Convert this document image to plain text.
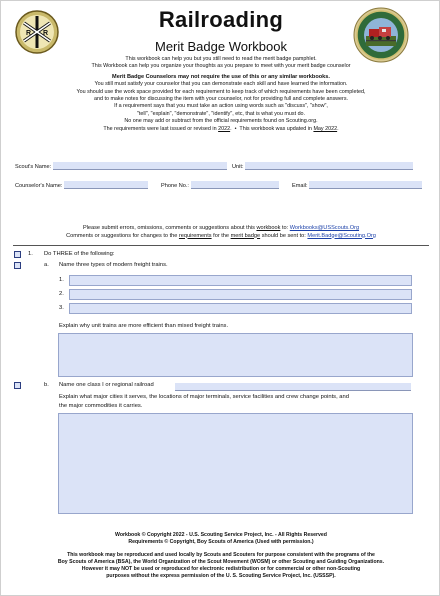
R R
Railroading
Merit Badge Workbook
This workbook can help you but you still need to read the merit badge pamphlet.
This Workbook can help you organize your thoughts as you prepare to meet with your merit badge counselor
Merit Badge Counselors may not require the use of this or any similar workbooks.
You still must satisfy your counselor that you can demonstrate each skill and have learned the information.
You should use the work space provided for each requirement to keep track of which requirements have been completed,
and to make notes for discussing the item with your counselor, not for providing full and complete answers.
If a requirement says that you must take an action using words such as "discuss", "show",
"tell", "explain", "demonstrate", "identify", etc, that is what you must do.
No one may add or subtract from the official requirements found on Scouting.org.
The requirements were last issued or revised in 2022.  • This workbook was updated in May 2022.
Scout's Name:	Unit:
Counselor's Name:	Phone No.:	Email:
Please submit errors, omissions, comments or suggestions about this workbook to: Workbooks@USScouts.Org
Comments or suggestions for changes to the requirements for the merit badge should be sent to: Merit.Badge@Scouting.Org
1. Do THREE of the following:
a. Name three types of modern freight trains.
1.
2.
3.
Explain why unit trains are more efficient than mixed freight trains.
b. Name one class I or regional railroad
Explain what major cities it serves, the locations of major terminals, service facilities and crew change points, and
the major commodities it carries.
Workbook © Copyright 2022 - U.S. Scouting Service Project, Inc. - All Rights Reserved
Requirements © Copyright, Boy Scouts of America (Used with permission.)
This workbook may be reproduced and used locally by Scouts and Scouters for purpose consistent with the programs of the
Boy Scouts of America (BSA), the World Organization of the Scout Movement (WOSM) or other Scouting and Guiding Organizations.
However it may NOT be used or reproduced for electronic redistribution or for commercial or other non-Scouting
purposes without the express permission of the U. S. Scouting Service Project, Inc. (USSSP).
